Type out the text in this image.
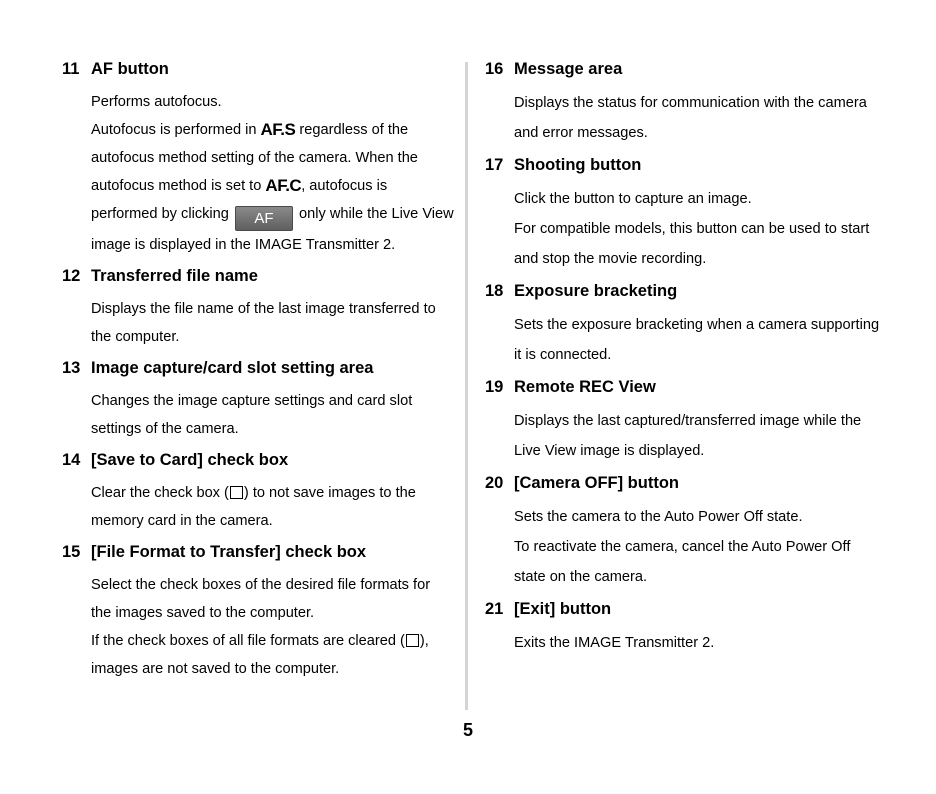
11 AF button

Performs autofocus.

Autofocus is performed in AF.S regardless of the autofocus method setting of the camera. When the autofocus method is set to AF.C, autofocus is performed by clicking AF only while the Live View image is displayed in the IMAGE Transmitter 2.

12 Transferred file name

Displays the file name of the last image transferred to the computer.

13 Image capture/card slot setting area

Changes the image capture settings and card slot settings of the camera.

14 [Save to Card] check box

Clear the check box ( ) to not save images to the memory card in the camera.

15 [File Format to Transfer] check box

Select the check boxes of the desired file formats for the images saved to the computer.

If the check boxes of all file formats are cleared ( ), images are not saved to the computer.

16 Message area

Displays the status for communication with the camera and error messages.

17 Shooting button

Click the button to capture an image.

For compatible models, this button can be used to start and stop the movie recording.

18 Exposure bracketing

Sets the exposure bracketing when a camera supporting it is connected.

19 Remote REC View

Displays the last captured/transferred image while the Live View image is displayed.

20 [Camera OFF] button

Sets the camera to the Auto Power Off state.

To reactivate the camera, cancel the Auto Power Off state on the camera.

21 [Exit] button

Exits the IMAGE Transmitter 2.

5
